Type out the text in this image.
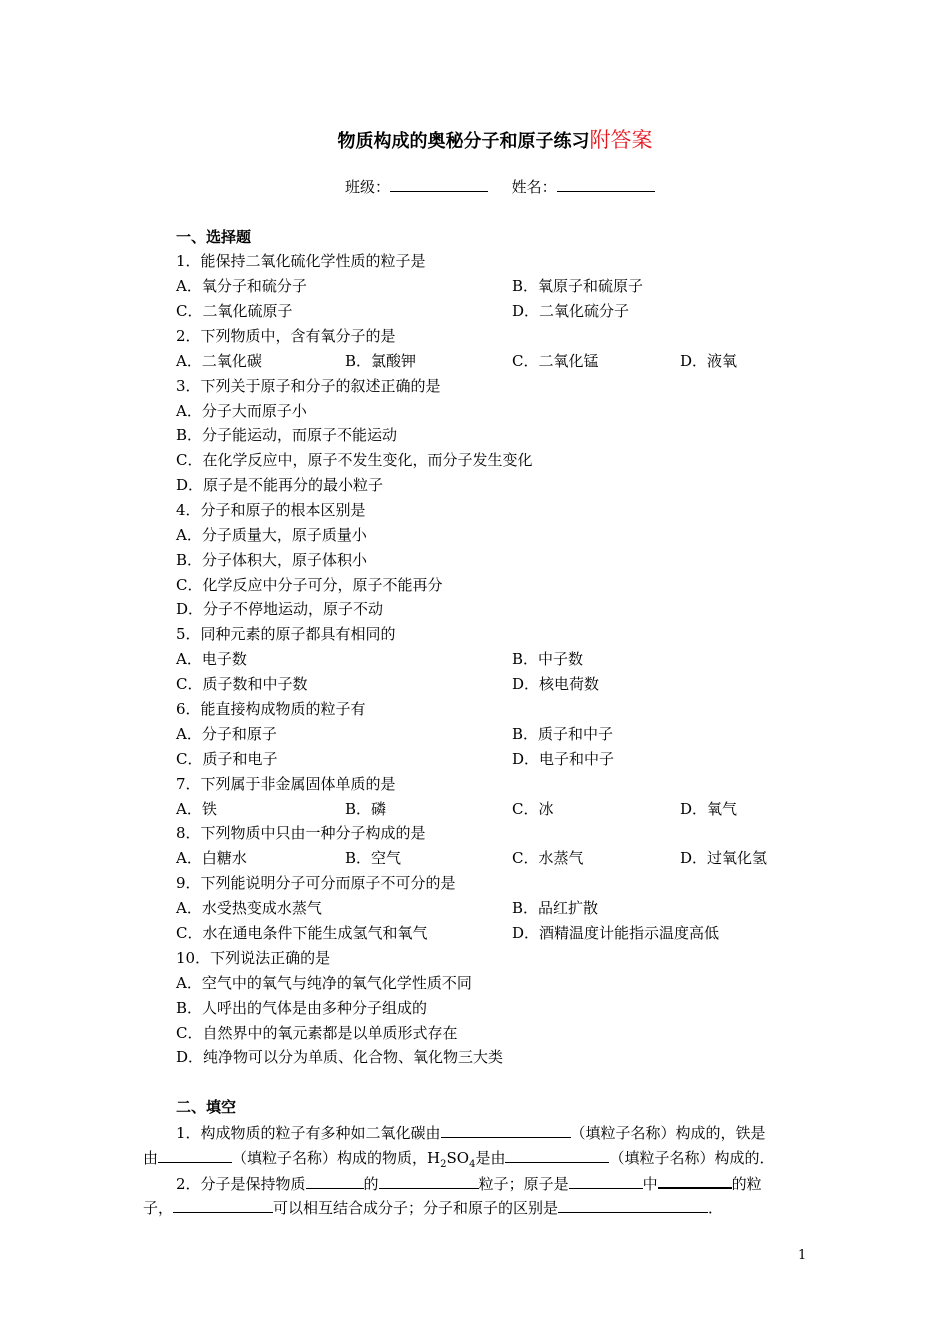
物质构成的奥秘分子和原子练习附答案
班级：	姓名：
一、选择题
1．能保持二氧化硫化学性质的粒子是
A．氧分子和硫分子	B．氧原子和硫原子
C．二氧化硫原子	D．二氧化硫分子
2．下列物质中，含有氧分子的是
A．二氧化碳	B．氯酸钾	C．二氧化锰	D．液氧
3．下列关于原子和分子的叙述正确的是
A．分子大而原子小
B．分子能运动，而原子不能运动
C．在化学反应中，原子不发生变化，而分子发生变化
D．原子是不能再分的最小粒子
4．分子和原子的根本区别是
A．分子质量大，原子质量小
B．分子体积大，原子体积小
C．化学反应中分子可分，原子不能再分
D．分子不停地运动，原子不动
5．同种元素的原子都具有相同的
A．电子数	B．中子数
C．质子数和中子数	D．核电荷数
6．能直接构成物质的粒子有
A．分子和原子	B．质子和中子
C．质子和电子	D．电子和中子
7．下列属于非金属固体单质的是
A．铁	B．磷	C．冰	D．氧气
8．下列物质中只由一种分子构成的是
A．白糖水	B．空气	C．水蒸气	D．过氧化氢
9．下列能说明分子可分而原子不可分的是
A．水受热变成水蒸气	B．品红扩散
C．水在通电条件下能生成氢气和氧气	D．酒精温度计能指示温度高低
10．下列说法正确的是
A．空气中的氧气与纯净的氧气化学性质不同
B．人呼出的气体是由多种分子组成的
C．自然界中的氧元素都是以单质形式存在
D．纯净物可以分为单质、化合物、氧化物三大类
二、填空
1．构成物质的粒子有多种如二氧化碳由	（填粒子名称）构成的，铁是
由	（填粒子名称）构成的物质，$H_2SO_4$是由	（填粒子名称）构成的．
2．分子是保持物质	的	粒子；原子是	中	的粒
子，	可以相互结合成分子；分子和原子的区别是	．
1
